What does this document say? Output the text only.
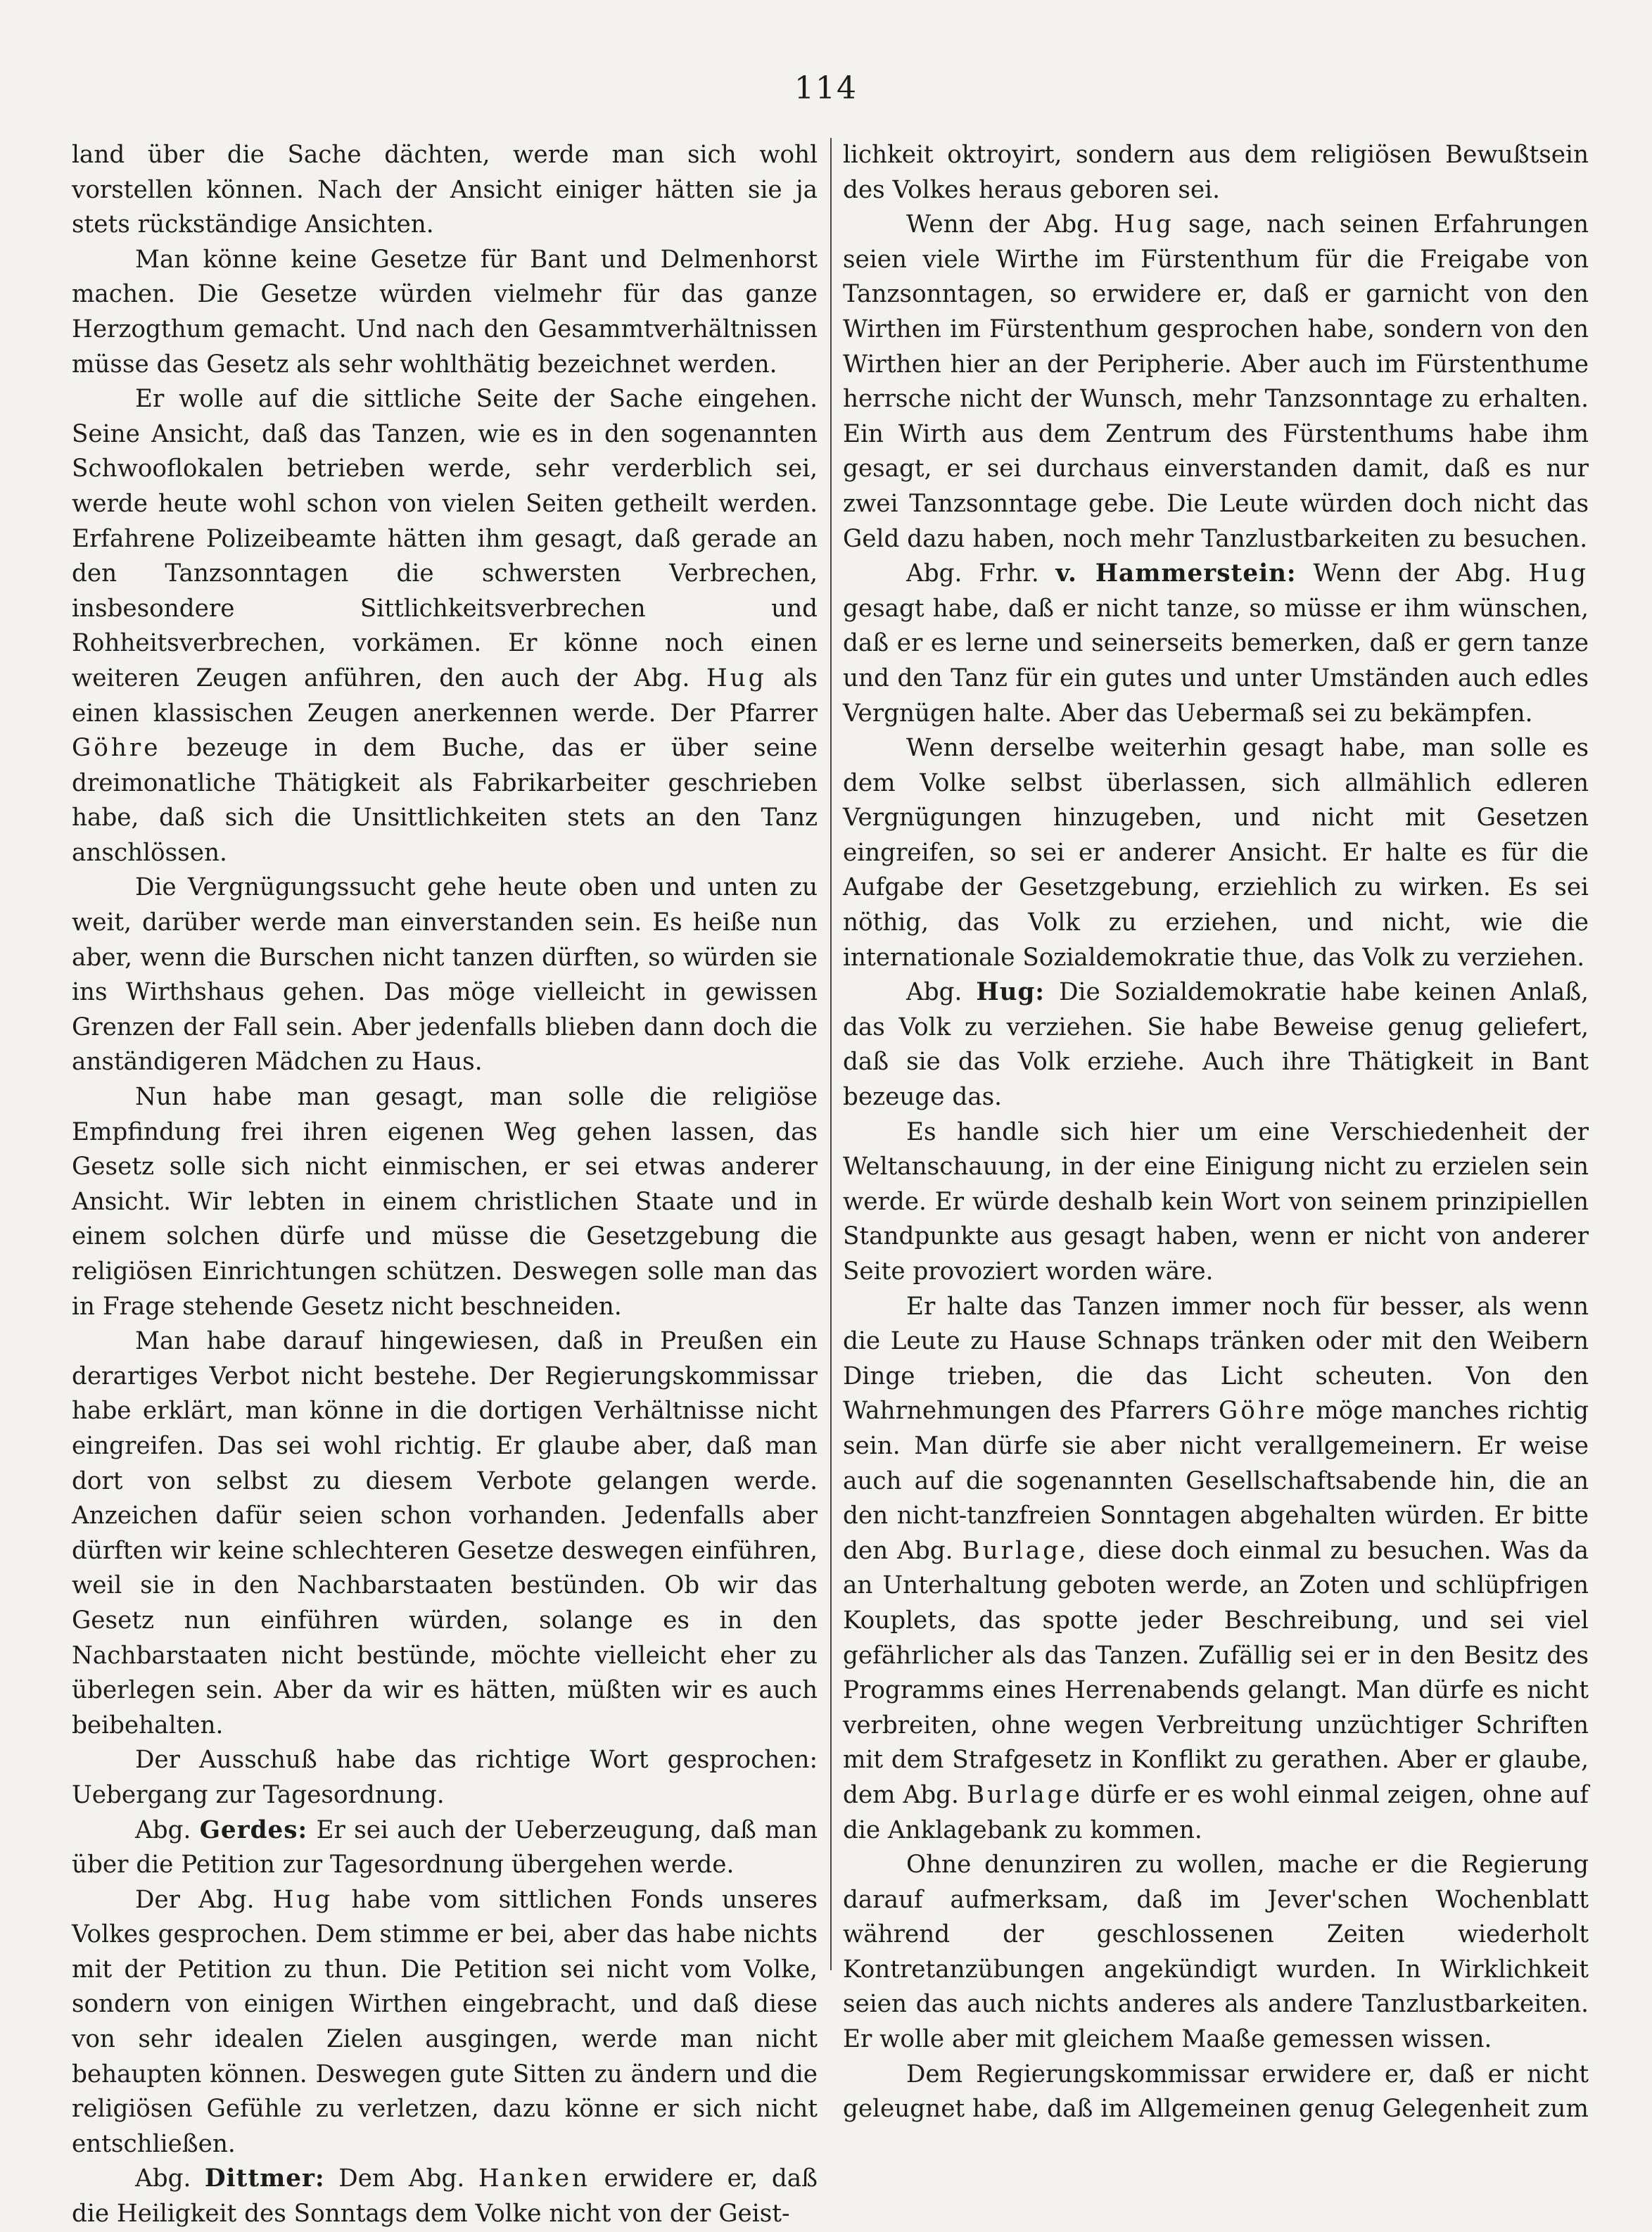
114

land über die Sache dächten, werde man sich wohl vorstellen können. Nach der Ansicht einiger hätten sie ja stets rückständige Ansichten.

Man könne keine Gesetze für Bant und Delmenhorst machen. Die Gesetze würden vielmehr für das ganze Herzogthum gemacht. Und nach den Gesammtverhältnissen müsse das Gesetz als sehr wohlthätig bezeichnet werden.

Er wolle auf die sittliche Seite der Sache eingehen. Seine Ansicht, daß das Tanzen, wie es in den sogenannten Schwooflokalen betrieben werde, sehr verderblich sei, werde heute wohl schon von vielen Seiten getheilt werden. Erfahrene Polizeibeamte hätten ihm gesagt, daß gerade an den Tanzsonntagen die schwersten Verbrechen, insbesondere Sittlichkeitsverbrechen und Rohheitsverbrechen, vorkämen. Er könne noch einen weiteren Zeugen anführen, den auch der Abg. Hug als einen klassischen Zeugen anerkennen werde. Der Pfarrer Göhre bezeuge in dem Buche, das er über seine dreimonatliche Thätigkeit als Fabrikarbeiter geschrieben habe, daß sich die Unsittlichkeiten stets an den Tanz anschlössen.

Die Vergnügungssucht gehe heute oben und unten zu weit, darüber werde man einverstanden sein. Es heiße nun aber, wenn die Burschen nicht tanzen dürften, so würden sie ins Wirthshaus gehen. Das möge vielleicht in gewissen Grenzen der Fall sein. Aber jedenfalls blieben dann doch die anständigeren Mädchen zu Haus.

Nun habe man gesagt, man solle die religiöse Empfindung frei ihren eigenen Weg gehen lassen, das Gesetz solle sich nicht einmischen, er sei etwas anderer Ansicht. Wir lebten in einem christlichen Staate und in einem solchen dürfe und müsse die Gesetzgebung die religiösen Einrichtungen schützen. Deswegen solle man das in Frage stehende Gesetz nicht beschneiden.

Man habe darauf hingewiesen, daß in Preußen ein derartiges Verbot nicht bestehe. Der Regierungskommissar habe erklärt, man könne in die dortigen Verhältnisse nicht eingreifen. Das sei wohl richtig. Er glaube aber, daß man dort von selbst zu diesem Verbote gelangen werde. Anzeichen dafür seien schon vorhanden. Jedenfalls aber dürften wir keine schlechteren Gesetze deswegen einführen, weil sie in den Nachbarstaaten bestünden. Ob wir das Gesetz nun einführen würden, solange es in den Nachbarstaaten nicht bestünde, möchte vielleicht eher zu überlegen sein. Aber da wir es hätten, müßten wir es auch beibehalten.

Der Ausschuß habe das richtige Wort gesprochen: Uebergang zur Tagesordnung.

Abg. Gerdes: Er sei auch der Ueberzeugung, daß man über die Petition zur Tagesordnung übergehen werde.

Der Abg. Hug habe vom sittlichen Fonds unseres Volkes gesprochen. Dem stimme er bei, aber das habe nichts mit der Petition zu thun. Die Petition sei nicht vom Volke, sondern von einigen Wirthen eingebracht, und daß diese von sehr idealen Zielen ausgingen, werde man nicht behaupten können. Deswegen gute Sitten zu ändern und die religiösen Gefühle zu verletzen, dazu könne er sich nicht entschließen.

Abg. Dittmer: Dem Abg. Hanken erwidere er, daß die Heiligkeit des Sonntags dem Volke nicht von der Geist-

lichkeit oktroyirt, sondern aus dem religiösen Bewußtsein des Volkes heraus geboren sei.

Wenn der Abg. Hug sage, nach seinen Erfahrungen seien viele Wirthe im Fürstenthum für die Freigabe von Tanzsonntagen, so erwidere er, daß er garnicht von den Wirthen im Fürstenthum gesprochen habe, sondern von den Wirthen hier an der Peripherie. Aber auch im Fürstenthume herrsche nicht der Wunsch, mehr Tanzsonntage zu erhalten. Ein Wirth aus dem Zentrum des Fürstenthums habe ihm gesagt, er sei durchaus einverstanden damit, daß es nur zwei Tanzsonntage gebe. Die Leute würden doch nicht das Geld dazu haben, noch mehr Tanzlustbarkeiten zu besuchen.

Abg. Frhr. v. Hammerstein: Wenn der Abg. Hug gesagt habe, daß er nicht tanze, so müsse er ihm wünschen, daß er es lerne und seinerseits bemerken, daß er gern tanze und den Tanz für ein gutes und unter Umständen auch edles Vergnügen halte. Aber das Uebermaß sei zu bekämpfen.

Wenn derselbe weiterhin gesagt habe, man solle es dem Volke selbst überlassen, sich allmählich edleren Vergnügungen hinzugeben, und nicht mit Gesetzen eingreifen, so sei er anderer Ansicht. Er halte es für die Aufgabe der Gesetzgebung, erziehlich zu wirken. Es sei nöthig, das Volk zu erziehen, und nicht, wie die internationale Sozialdemokratie thue, das Volk zu verziehen.

Abg. Hug: Die Sozialdemokratie habe keinen Anlaß, das Volk zu verziehen. Sie habe Beweise genug geliefert, daß sie das Volk erziehe. Auch ihre Thätigkeit in Bant bezeuge das.

Es handle sich hier um eine Verschiedenheit der Weltanschauung, in der eine Einigung nicht zu erzielen sein werde. Er würde deshalb kein Wort von seinem prinzipiellen Standpunkte aus gesagt haben, wenn er nicht von anderer Seite provoziert worden wäre.

Er halte das Tanzen immer noch für besser, als wenn die Leute zu Hause Schnaps tränken oder mit den Weibern Dinge trieben, die das Licht scheuten. Von den Wahrnehmungen des Pfarrers Göhre möge manches richtig sein. Man dürfe sie aber nicht verallgemeinern. Er weise auch auf die sogenannten Gesellschaftsabende hin, die an den nicht-tanzfreien Sonntagen abgehalten würden. Er bitte den Abg. Burlage, diese doch einmal zu besuchen. Was da an Unterhaltung geboten werde, an Zoten und schlüpfrigen Kouplets, das spotte jeder Beschreibung, und sei viel gefährlicher als das Tanzen. Zufällig sei er in den Besitz des Programms eines Herrenabends gelangt. Man dürfe es nicht verbreiten, ohne wegen Verbreitung unzüchtiger Schriften mit dem Strafgesetz in Konflikt zu gerathen. Aber er glaube, dem Abg. Burlage dürfe er es wohl einmal zeigen, ohne auf die Anklagebank zu kommen.

Ohne denunziren zu wollen, mache er die Regierung darauf aufmerksam, daß im Jever'schen Wochenblatt während der geschlossenen Zeiten wiederholt Kontretanzübungen angekündigt wurden. In Wirklichkeit seien das auch nichts anderes als andere Tanzlustbarkeiten. Er wolle aber mit gleichem Maaße gemessen wissen.

Dem Regierungskommissar erwidere er, daß er nicht geleugnet habe, daß im Allgemeinen genug Gelegenheit zum
